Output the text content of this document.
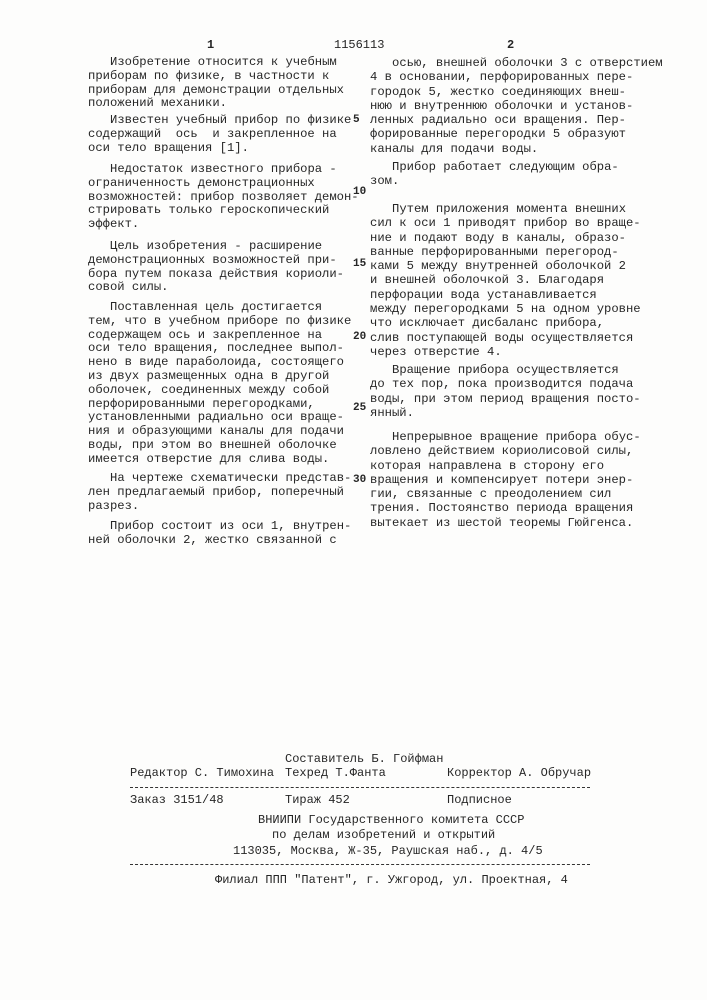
1	1156113	2
Изобретение относится к учебным
приборам по физике, в частности к
приборам для демонстрации отдельных
положений механики.
Известен учебный прибор по физике
содержащий  ось  и закрепленное на
оси тело вращения [1].
Недостаток известного прибора -
ограниченность демонстрационных
возможностей: прибор позволяет демон-
стрировать только героскопический
эффект.
Цель изобретения - расширение
демонстрационных возможностей при-
бора путем показа действия кориоли-
совой силы.
Поставленная цель достигается
тем, что в учебном приборе по физике
содержащем ось и закрепленное на
оси тело вращения, последнее выпол-
нено в виде параболоида, состоящего
из двух размещенных одна в другой
оболочек, соединенных между собой
перфорированными перегородками,
установленными радиально оси враще-
ния и образующими каналы для подачи
воды, при этом во внешней оболочке
имеется отверстие для слива воды.
На чертеже схематически представ-
лен предлагаемый прибор, поперечный
разрез.
Прибор состоит из оси 1, внутрен-
ней оболочки 2, жестко связанной с
осью, внешней оболочки 3 с отверстием
4 в основании, перфорированных пере-
городок 5, жестко соединяющих внеш-
нюю и внутреннюю оболочки и установ-
ленных радиально оси вращения. Пер-
форированные перегородки 5 образуют
каналы для подачи воды.
Прибор работает следующим обра-
зом.
Путем приложения момента внешних
сил к оси 1 приводят прибор во враще-
ние и подают воду в каналы, образо-
ванные перфорированными перегород-
ками 5 между внутренней оболочкой 2
и внешней оболочкой 3. Благодаря
перфорации вода устанавливается
между перегородками 5 на одном уровне
что исключает дисбаланс прибора,
слив поступающей воды осуществляется
через отверстие 4.
Вращение прибора осуществляется
до тех пор, пока производится подача
воды, при этом период вращения посто-
янный.
Непрерывное вращение прибора обус-
ловлено действием кориолисовой силы,
которая направлена в сторону его
вращения и компенсирует потери энер-
гии, связанные с преодолением сил
трения. Постоянство периода вращения
вытекает из шестой теоремы Гюйгенса.
5
10
15
20
25
30
Составитель Б. Гойфман
Редактор С. Тимохина Техред Т.Фанта	Корректор А. Обручар
Заказ 3151/48	Тираж 452	Подписное
ВНИИПИ Государственного комитета СССР
по делам изобретений и открытий
113035, Москва, Ж-35, Раушская наб., д. 4/5
Филиал ППП "Патент", г. Ужгород, ул. Проектная, 4
